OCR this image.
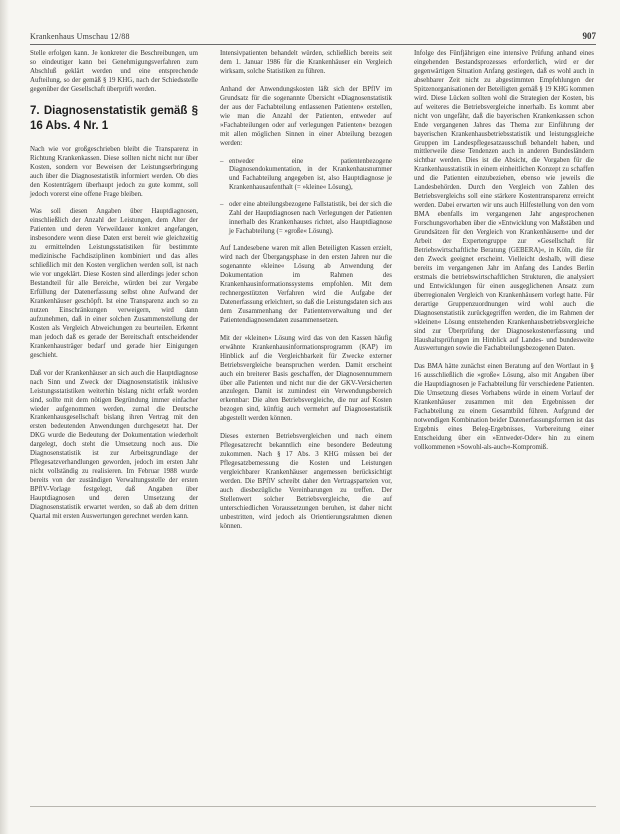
Krankenhaus Umschau 12/88	907

Stelle erfolgen kann. Je konkreter die Beschreibungen, um so eindeutiger kann bei Genehmigungsverfahren zum Abschluß geklärt werden und eine entsprechende Aufteilung, so der gemäß § 19 KHG, nach der Schiedsstelle gegenüber der Gesellschaft überprüft werden.

7. Diagnosenstatistik gemäß § 16 Abs. 4 Nr. 1

Nach wie vor großgeschrieben bleibt die Transparenz in Richtung Krankenkassen. Diese sollten nicht nicht nur über Kosten, sondern vor Beweisen der Leistungserbringung auch über die Diagnosestatistik informiert werden. Ob dies den Kostenträgern überhaupt jedoch zu gute kommt, soll jedoch vorerst eine offene Frage bleiben.

Was soll diesen Angaben über Hauptdiagnosen, einschließlich der Anzahl der Leistungen, dem Alter der Patienten und deren Verweildauer konkret angefangen, insbesondere wenn diese Daten erst bereit wie gleichzeitig zu ermittelnden Leistungsstatistiken für bestimmte medizinische Fachdisziplinen kombiniert und das alles schließlich mit den Kosten verglichen werden soll, ist nach wie vor ungeklärt. Diese Kosten sind allerdings jeder schon Bestandteil für alle Bereiche, würden bei zur Vergabe Erfüllung der Datenerfassung selbst ohne Aufwand der Krankenhäuser geschöpft. Ist eine Transparenz auch so zu nutzen Einschränkungen verweigern, wird dann aufzunehmen, daß in einer solchen Zusammenstellung der Kosten als Vergleich Abweichungen zu beurteilen. Erkennt man jedoch daß es gerade der Bereitschaft entscheidender Krankenhausträger bedarf und gerade hier Einigungen geschieht.

Daß vor der Krankenhäuser an sich auch die Hauptdiagnose nach Sinn und Zweck der Diagnosenstatistik inklusive Leistungsstatistiken weiterhin bislang nicht erfaßt worden sind, sollte mit dem nötigen Begründung immer einfacher wieder aufgenommen werden, zumal die Deutsche Krankenhausgesellschaft bislang ihren Vertrag mit den ersten bedeutenden Anwendungen durchgesetzt hat. Der DKG wurde die Bedeutung der Dokumentation wiederholt dargelegt, doch steht die Umsetzung noch aus. Die Diagnosenstatistik ist zur Arbeitsgrundlage der Pflegesatzverhandlungen geworden, jedoch im ersten Jahr nicht vollständig zu realisieren. Im Februar 1988 wurde bereits von der zuständigen Verwaltungsstelle der ersten BPflV-Vorlage festgelegt, daß Angaben über Hauptdiagnosen und deren Umsetzung der Diagnosenstatistik erwartet werden, so daß ab dem dritten Quartal mit ersten Auswertungen gerechnet werden kann.

Intensivpatienten behandelt würden, schließlich bereits seit dem 1. Januar 1986 für die Krankenhäuser ein Vergleich wirksam, solche Statistiken zu führen.

Anhand der Anwendungskosten läßt sich der BPflV im Grundsatz für die sogenannte Übersicht »Diagnosenstatistik der aus der Fachabteilung entlassenen Patienten« erstellen, wie man die Anzahl der Patienten, entweder auf »Fachabteilungen oder auf verlegungen Patienten« bezogen mit allen möglichen Sinnen in einer Abteilung bezogen werden:

– entweder eine patientenbezogene Diagnosendokumentation, in der Krankenhausnummer und Fachabteilung angegeben ist, also Hauptdiagnose je Krankenhausaufenthalt (= »kleine« Lösung),
– oder eine abteilungsbezogene Fallstatistik, bei der sich die Zahl der Hauptdiagnosen nach Verlegungen der Patienten innerhalb des Krankenhauses richtet, also Hauptdiagnose je Fachabteilung (= »große« Lösung).

Auf Landesebene waren mit allen Beteiligten Kassen erzielt, wird nach der Übergangsphase in den ersten Jahren nur die sogenannte »kleine« Lösung ab Anwendung der Dokumentation im Rahmen des Krankenhausinformationssystems empfohlen. Mit dem rechnergestützten Verfahren wird die Aufgabe der Datenerfassung erleichtert, so daß die Leistungsdaten sich aus dem Zusammenhang der Patientenverwaltung und der Patientendiagnosendaten zusammensetzen.

Mit der »kleinen« Lösung wird das von den Kassen häufig erwähnte Krankenhausinformationsprogramm (KAP) im Hinblick auf die Vergleichbarkeit für Zwecke externer Betriebsvergleiche beanspruchen werden. Damit erscheint auch ein breiterer Basis geschaffen, der Diagnosennummern über alle Patienten und nicht nur die der GKV-Versicherten anzulegen. Damit ist zumindest ein Verwendungsbereich erkennbar: Die alten Betriebsvergleiche, die nur auf Kosten bezogen sind, künftig auch vermehrt auf Diagnosestatistik abgestellt werden können.

Dieses externen Betriebsvergleichen und nach einem Pflegesatzrecht bekanntlich eine besondere Bedeutung zukommen. Nach § 17 Abs. 3 KHG müssen bei der Pflegesatzbemessung die Kosten und Leistungen vergleichbarer Krankenhäuser angemessen berücksichtigt werden. Die BPflV schreibt daher den Vertragsparteien vor, auch diesbezügliche Vereinbarungen zu treffen. Der Stellenwert solcher Betriebsvergleiche, die auf unterschiedlichen Voraussetzungen beruhen, ist daher nicht unbestritten, wird jedoch als Orientierungsrahmen dienen können.

Infolge des Fünfjährigen eine intensive Prüfung anhand eines eingehenden Bestandsprozesses erforderlich, wird er der gegenwärtigen Situation Anfang gestiegen, daß es wohl auch in absehbarer Zeit nicht zu abgestimmten Empfehlungen der Spitzenorganisationen der Beteiligten gemäß § 19 KHG kommen wird. Diese Lücken sollten wohl die Strategien der Kosten, bis auf weiteres die Betriebsvergleiche innerhalb. Es kommt aber nicht von ungefähr, daß die bayerischen Krankenkassen schon Ende vergangenen Jahres das Thema zur Einführung der bayerischen Krankenhausbetriebsstatistik und leistungsgleiche Gruppen im Landespflegesatzausschuß behandelt haben, und mittlerweile diese Tendenzen auch in anderen Bundesländern sichtbar werden. Dies ist die Absicht, die Vorgaben für die Krankenhausstatistik in einem einheitlichen Konzept zu schaffen und die Patienten einzubeziehen, ebenso wie jeweils die Landesbehörden. Durch den Vergleich von Zahlen des Betriebsvergleichs soll eine stärkere Kostentransparenz erreicht werden. Dabei erwarten wir uns auch Hilfestellung von den vom BMA ebenfalls im vergangenen Jahr angesprochenen Forschungsvorhaben über die »Entwicklung von Maßstäben und Grundsätzen für den Vergleich von Krankenhäusern« und der Arbeit der Expertengruppe zur »Gesellschaft für Betriebswirtschaftliche Beratung (GEBERA)«, in Köln, die für den Zweck geeignet erscheint. Vielleicht deshalb, will diese bereits im vergangenen Jahr im Anfang des Landes Berlin erstmals die betriebswirtschaftlichen Strukturen, die analysiert und Entwicklungen für einen ausgeglichenen Ansatz zum überregionalen Vergleich von Krankenhäusern vorlegt hatte. Für derartige Gruppenzuordnungen wird wohl auch die Diagnosenstatistik zurückgegriffen werden, die im Rahmen der »kleinen« Lösung entstehenden Krankenhausbetriebsvergleiche sind zur Überprüfung der Diagnosekostenerfassung und Haushaltsprüfungen im Hinblick auf Landes- und bundesweite Auswertungen sowie die Fachabteilungsbezogenen Daten.

Das BMA hätte zunächst einen Beratung auf den Wortlaut in § 16 ausschließlich die »große« Lösung, also mit Angaben über die Hauptdiagnosen je Fachabteilung für verschiedene Patienten. Die Umsetzung dieses Vorhabens würde in einem Vorlauf der Krankenhäuser zusammen mit den Ergebnissen der Fachabteilung zu einem Gesamtbild führen. Aufgrund der notwendigen Kombination beider Datenerfassungsformen ist das Ergebnis eines Beleg-Ergebnisses, Vorbereitung einer Entscheidung über ein »Entweder-Oder« hin zu einem vollkommenen »Sowohl-als-auch«-Kompromiß.
